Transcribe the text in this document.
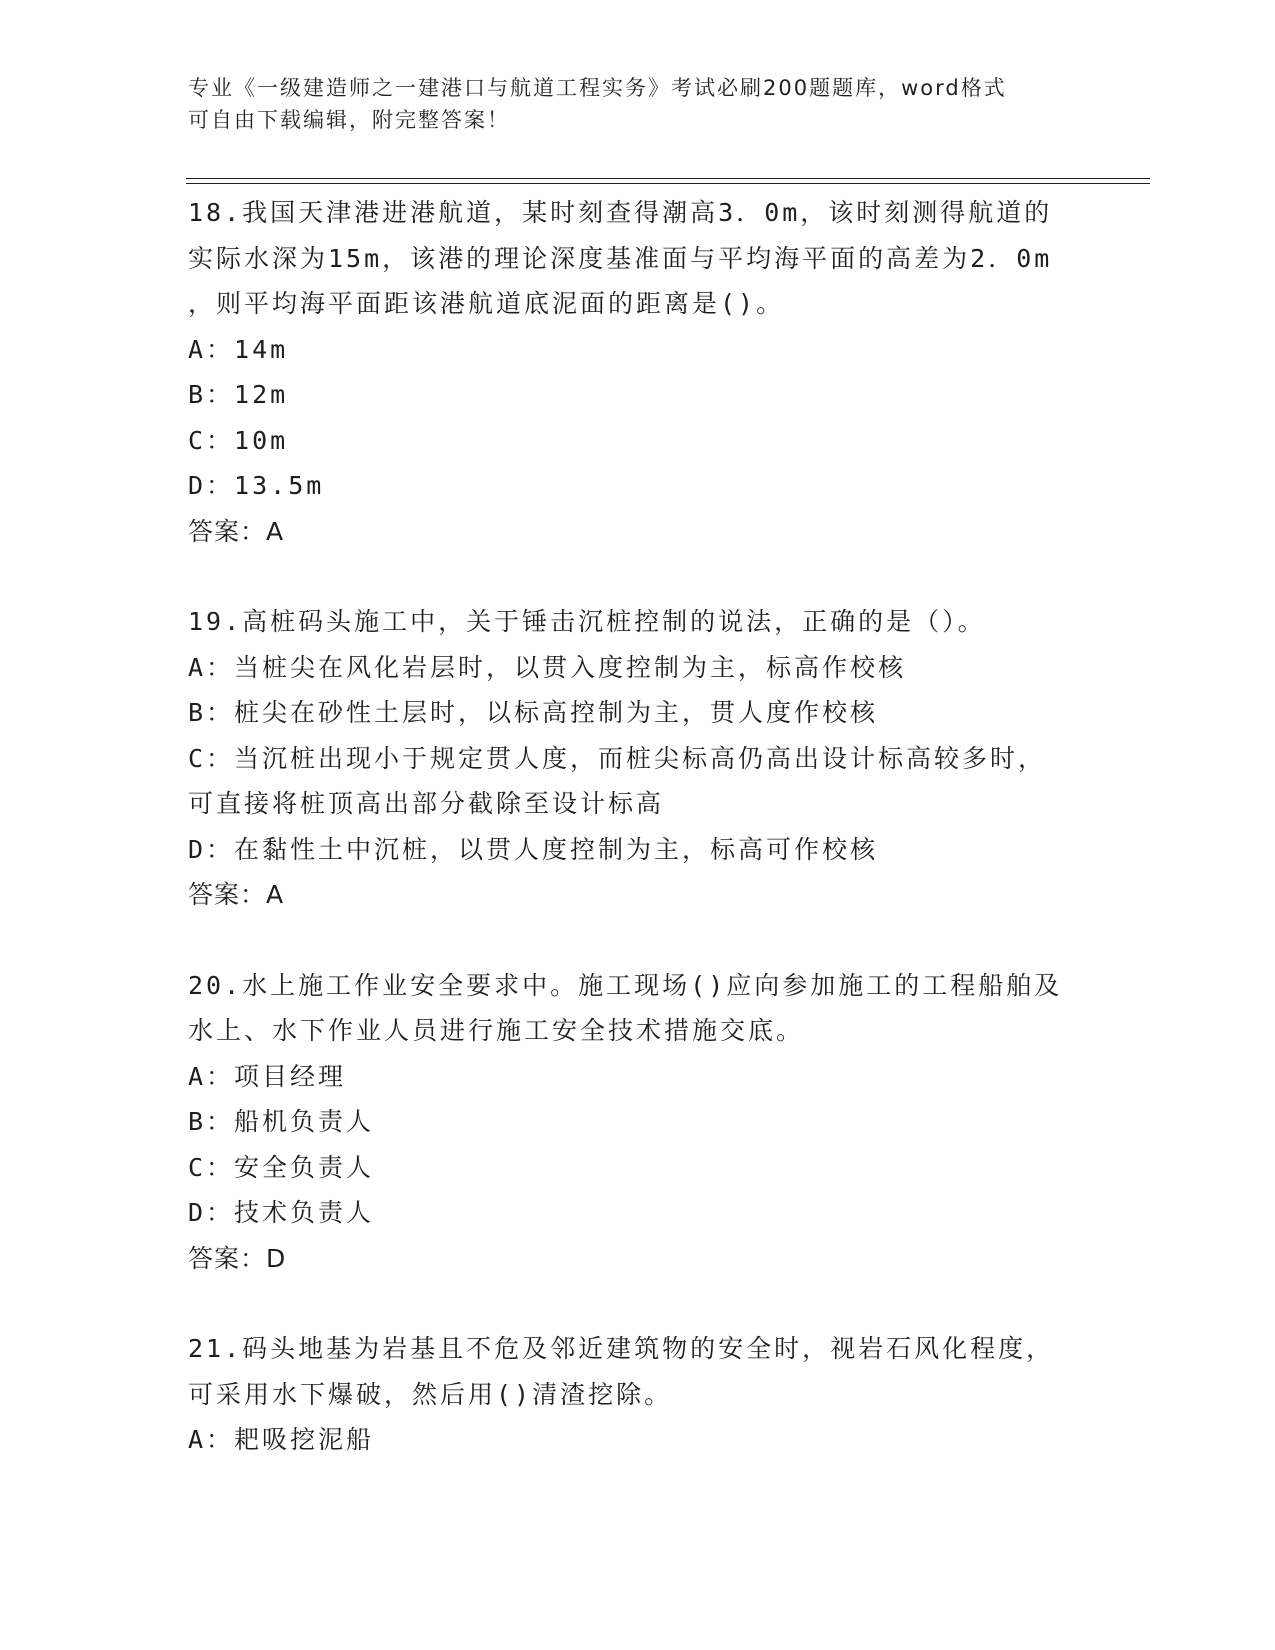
专业《一级建造师之一建港口与航道工程实务》考试必刷200题题库，word格式
可自由下载编辑，附完整答案！
18.我国天津港进港航道，某时刻查得潮高3．0m，该时刻测得航道的
实际水深为15m，该港的理论深度基准面与平均海平面的高差为2．0m
，则平均海平面距该港航道底泥面的距离是()。
A：14m
B：12m
C：10m
D：13.5m
答案：A
19.高桩码头施工中，关于锤击沉桩控制的说法，正确的是（）。
A：当桩尖在风化岩层时，以贯入度控制为主，标高作校核
B：桩尖在砂性土层时，以标高控制为主，贯人度作校核
C：当沉桩出现小于规定贯人度，而桩尖标高仍高出设计标高较多时，
可直接将桩顶高出部分截除至设计标高
D：在黏性土中沉桩，以贯人度控制为主，标高可作校核
答案：A
20.水上施工作业安全要求中。施工现场()应向参加施工的工程船舶及
水上、水下作业人员进行施工安全技术措施交底。
A：项目经理
B：船机负责人
C：安全负责人
D：技术负责人
答案：D
21.码头地基为岩基且不危及邻近建筑物的安全时，视岩石风化程度，
可采用水下爆破，然后用()清渣挖除。
A：耙吸挖泥船
